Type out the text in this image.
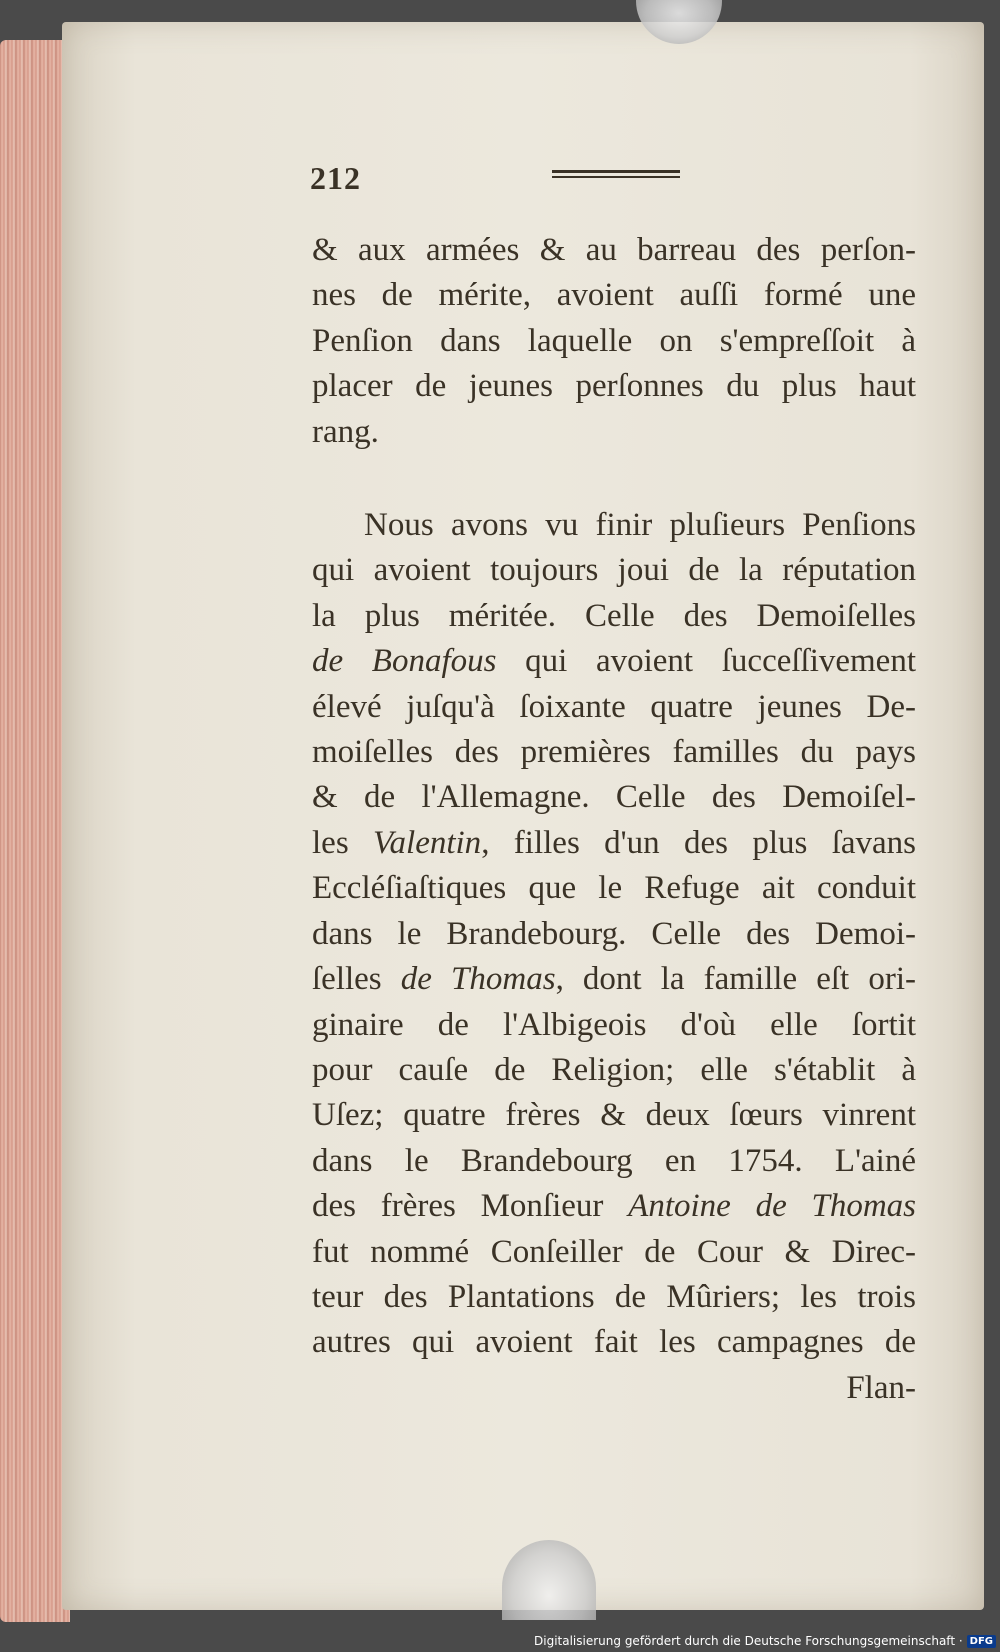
212
& aux armées & au barreau des perſon-
nes de mérite, avoient auſſi formé une
Penſion dans laquelle on s'empreſſoit à
placer de jeunes perſonnes du plus haut
rang.
Nous avons vu finir pluſieurs Penſions
qui avoient toujours joui de la réputation
la plus méritée. Celle des Demoiſelles
de Bonafous qui avoient ſucceſſivement
élevé juſqu'à ſoixante quatre jeunes De-
moiſelles des premières familles du pays
& de l'Allemagne. Celle des Demoiſel-
les Valentin, filles d'un des plus ſavans
Eccléſiaſtiques que le Refuge ait conduit
dans le Brandebourg. Celle des Demoi-
ſelles de Thomas, dont la famille eſt ori-
ginaire de l'Albigeois d'où elle ſortit
pour cauſe de Religion; elle s'établit à
Uſez; quatre frères & deux ſœurs vinrent
dans le Brandebourg en 1754. L'ainé
des frères Monſieur Antoine de Thomas
fut nommé Conſeiller de Cour & Direc-
teur des Plantations de Mûriers; les trois
autres qui avoient fait les campagnes de
Flan-
Digitalisierung gefördert durch die Deutsche Forschungsgemeinschaft · DFG
